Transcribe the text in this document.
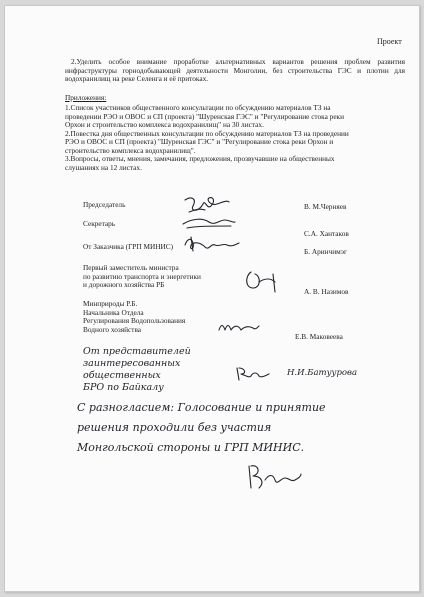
Проект
2.Уделить особое внимание проработке альтернативных вариантов решения проблем развития инфраструктуры горнодобывающей деятельности Монголии, без строительства ГЭС и плотин для водохранилищ на реке Селенга и её притоках.
Приложения:
1.Список участников общественного консультации по обсуждению материалов ТЗ на
проведении РЭО и ОВОС и СП (проекта) "Шуренская ГЭС" и "Регулирование стока реки
Орхон и строительство комплекса водохранилищ" на 30 листах.
2.Повестка дня общественных консультации по обсуждению материалов ТЗ на проведении
РЭО и ОВОС и СП (проекта) "Шуренская ГЭС" и "Регулирование стока реки Орхон и
строительство комплекса водохранилищ".
3.Вопросы, ответы, мнения, замечания, предложения, прозвучавшие на общественных
слушаниях на 12 листах.
Председатель	В. М.Черняев
Секретарь
С.А. Хантаков
От Заказчика (ГРП МИНИС)
Б. Аринчимэг
Первый заместитель министра
по развитию транспорта и энергетики
и дорожного хозяйства РБ
А. В. Назимов
Минприроды Р.Б.
Начальника Отдела
Регулирования Водопользования
Водного хозяйства
Е.В. Маковеева
От представителей
заинтересованных
общественных
БРО по Байкалу
Н.И.Батуурова
С разногласием: Голосование и принятие
решения проходили без участия
Монгольской стороны и ГРП МИНИС.
